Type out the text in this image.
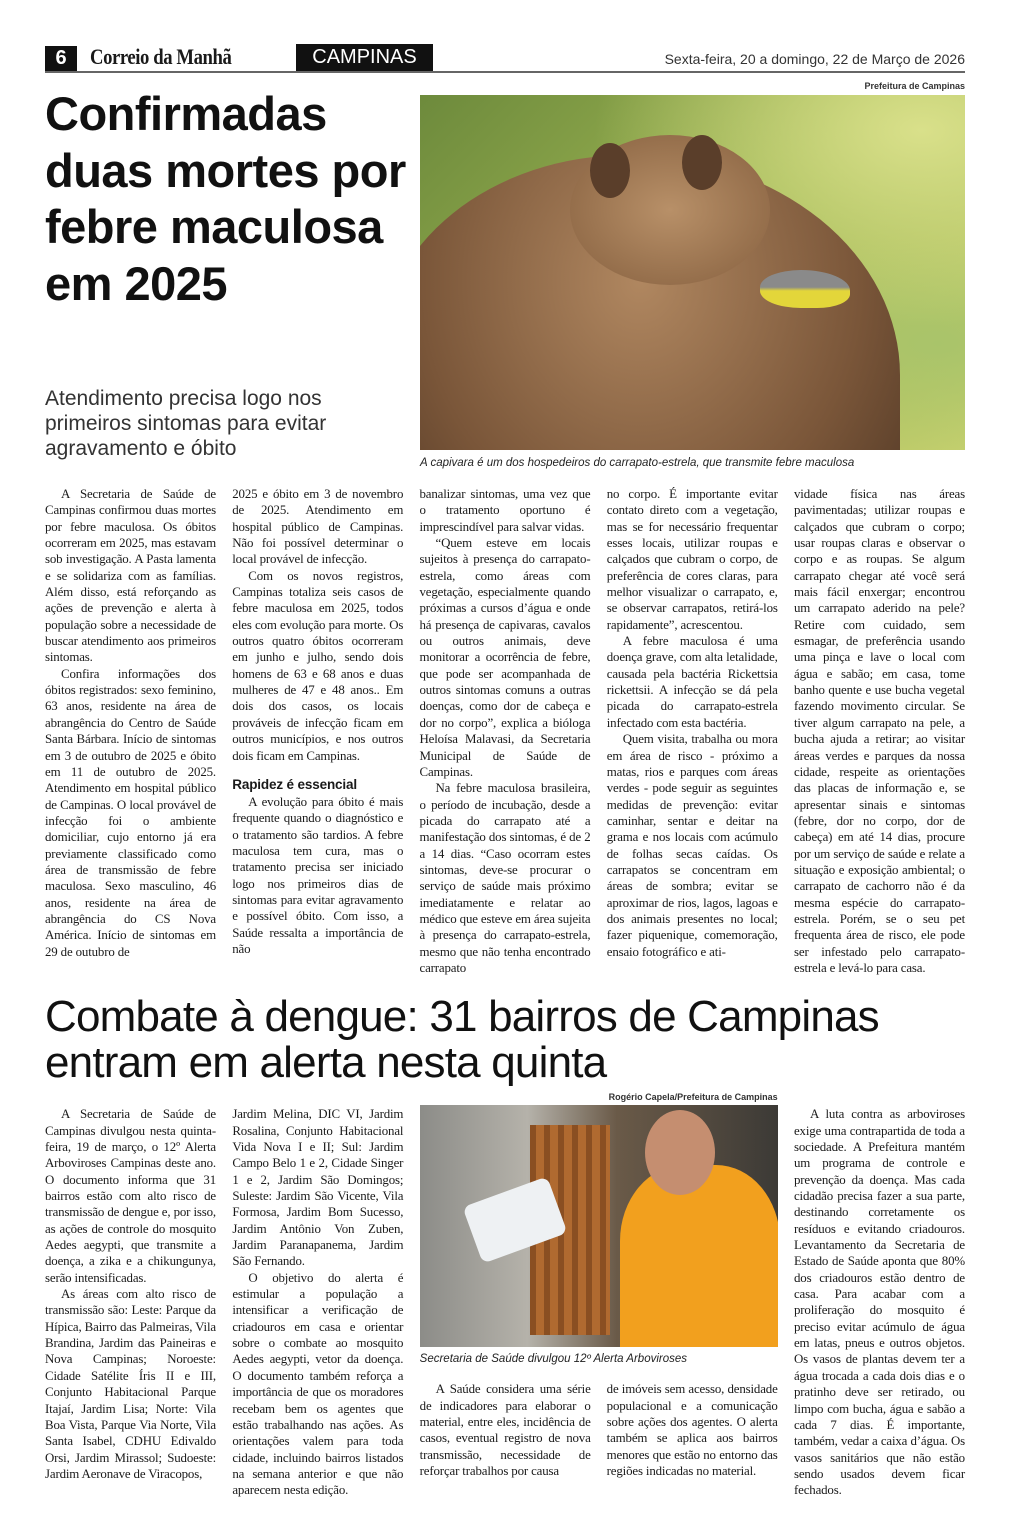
6	Correio da Manhã	CAMPINAS	Sexta-feira, 20 a domingo, 22 de Março de 2026
Confirmadas duas mortes por febre maculosa em 2025
Atendimento precisa logo nos primeiros sintomas para evitar agravamento e óbito
Prefeitura de Campinas
A capivara é um dos hospedeiros do carrapato-estrela, que transmite febre maculosa

A Secretaria de Saúde de Campinas confirmou duas mortes por febre maculosa. Os óbitos ocorreram em 2025, mas estavam sob investigação. A Pasta lamenta e se solidariza com as famílias. Além disso, está reforçando as ações de prevenção e alerta à população sobre a necessidade de buscar atendimento aos primeiros sintomas.

Confira informações dos óbitos registrados: sexo feminino, 63 anos, residente na área de abrangência do Centro de Saúde Santa Bárbara. Início de sintomas em 3 de outubro de 2025 e óbito em 11 de outubro de 2025. Atendimento em hospital público de Campinas. O local provável de infecção foi o ambiente domiciliar, cujo entorno já era previamente classificado como área de transmissão de febre maculosa. Sexo masculino, 46 anos, residente na área de abrangência do CS Nova América. Início de sintomas em 29 de outubro de

2025 e óbito em 3 de novembro de 2025. Atendimento em hospital público de Campinas. Não foi possível determinar o local provável de infecção.

Com os novos registros, Campinas totaliza seis casos de febre maculosa em 2025, todos eles com evolução para morte. Os outros quatro óbitos ocorreram em junho e julho, sendo dois homens de 63 e 68 anos e duas mulheres de 47 e 48 anos.. Em dois dos casos, os locais prováveis de infecção ficam em outros municípios, e nos outros dois ficam em Campinas.

Rapidez é essencial

A evolução para óbito é mais frequente quando o diagnóstico e o tratamento são tardios. A febre maculosa tem cura, mas o tratamento precisa ser iniciado logo nos primeiros dias de sintomas para evitar agravamento e possível óbito. Com isso, a Saúde ressalta a importância de não

banalizar sintomas, uma vez que o tratamento oportuno é imprescindível para salvar vidas.

“Quem esteve em locais sujeitos à presença do carrapato-estrela, como áreas com vegetação, especialmente quando próximas a cursos d’água e onde há presença de capivaras, cavalos ou outros animais, deve monitorar a ocorrência de febre, que pode ser acompanhada de outros sintomas comuns a outras doenças, como dor de cabeça e dor no corpo”, explica a bióloga Heloísa Malavasi, da Secretaria Municipal de Saúde de Campinas.

Na febre maculosa brasileira, o período de incubação, desde a picada do carrapato até a manifestação dos sintomas, é de 2 a 14 dias. “Caso ocorram estes sintomas, deve-se procurar o serviço de saúde mais próximo imediatamente e relatar ao médico que esteve em área sujeita à presença do carrapato-estrela, mesmo que não tenha encontrado carrapato

no corpo. É importante evitar contato direto com a vegetação, mas se for necessário frequentar esses locais, utilizar roupas e calçados que cubram o corpo, de preferência de cores claras, para melhor visualizar o carrapato, e, se observar carrapatos, retirá-los rapidamente”, acrescentou.

A febre maculosa é uma doença grave, com alta letalidade, causada pela bactéria Rickettsia rickettsii. A infecção se dá pela picada do carrapato-estrela infectado com esta bactéria.

Quem visita, trabalha ou mora em área de risco - próximo a matas, rios e parques com áreas verdes - pode seguir as seguintes medidas de prevenção: evitar caminhar, sentar e deitar na grama e nos locais com acúmulo de folhas secas caídas. Os carrapatos se concentram em áreas de sombra; evitar se aproximar de rios, lagos, lagoas e dos animais presentes no local; fazer piquenique, comemoração, ensaio fotográfico e ati-

vidade física nas áreas pavimentadas; utilizar roupas e calçados que cubram o corpo; usar roupas claras e observar o corpo e as roupas. Se algum carrapato chegar até você será mais fácil enxergar; encontrou um carrapato aderido na pele? Retire com cuidado, sem esmagar, de preferência usando uma pinça e lave o local com água e sabão; em casa, tome banho quente e use bucha vegetal fazendo movimento circular. Se tiver algum carrapato na pele, a bucha ajuda a retirar; ao visitar áreas verdes e parques da nossa cidade, respeite as orientações das placas de informação e, se apresentar sinais e sintomas (febre, dor no corpo, dor de cabeça) em até 14 dias, procure por um serviço de saúde e relate a situação e exposição ambiental; o carrapato de cachorro não é da mesma espécie do carrapato-estrela. Porém, se o seu pet frequenta área de risco, ele pode ser infestado pelo carrapato-estrela e levá-lo para casa.

Combate à dengue: 31 bairros de Campinas entram em alerta nesta quinta

A Secretaria de Saúde de Campinas divulgou nesta quinta-feira, 19 de março, o 12º Alerta Arboviroses Campinas deste ano. O documento informa que 31 bairros estão com alto risco de transmissão de dengue e, por isso, as ações de controle do mosquito Aedes aegypti, que transmite a doença, a zika e a chikungunya, serão intensificadas.

As áreas com alto risco de transmissão são: Leste: Parque da Hípica, Bairro das Palmeiras, Vila Brandina, Jardim das Paineiras e Nova Campinas; Noroeste: Cidade Satélite Íris II e III, Conjunto Habitacional Parque Itajaí, Jardim Lisa; Norte: Vila Boa Vista, Parque Via Norte, Vila Santa Isabel, CDHU Edivaldo Orsi, Jardim Mirassol; Sudoeste: Jardim Aeronave de Viracopos,

Jardim Melina, DIC VI, Jardim Rosalina, Conjunto Habitacional Vida Nova I e II; Sul: Jardim Campo Belo 1 e 2, Cidade Singer 1 e 2, Jardim São Domingos; Suleste: Jardim São Vicente, Vila Formosa, Jardim Bom Sucesso, Jardim Antônio Von Zuben, Jardim Paranapanema, Jardim São Fernando.

O objetivo do alerta é estimular a população a intensificar a verificação de criadouros em casa e orientar sobre o combate ao mosquito Aedes aegypti, vetor da doença. O documento também reforça a importância de que os moradores recebam bem os agentes que estão trabalhando nas ações. As orientações valem para toda cidade, incluindo bairros listados na semana anterior e que não aparecem nesta edição.

Rogério Capela/Prefeitura de Campinas
Secretaria de Saúde divulgou 12º Alerta Arboviroses

A Saúde considera uma série de indicadores para elaborar o material, entre eles, incidência de casos, eventual registro de nova transmissão, necessidade de reforçar trabalhos por causa

de imóveis sem acesso, densidade populacional e a comunicação sobre ações dos agentes. O alerta também se aplica aos bairros menores que estão no entorno das regiões indicadas no material.

A luta contra as arboviroses exige uma contrapartida de toda a sociedade. A Prefeitura mantém um programa de controle e prevenção da doença. Mas cada cidadão precisa fazer a sua parte, destinando corretamente os resíduos e evitando criadouros. Levantamento da Secretaria de Estado de Saúde aponta que 80% dos criadouros estão dentro de casa. Para acabar com a proliferação do mosquito é preciso evitar acúmulo de água em latas, pneus e outros objetos. Os vasos de plantas devem ter a água trocada a cada dois dias e o pratinho deve ser retirado, ou limpo com bucha, água e sabão a cada 7 dias. É importante, também, vedar a caixa d’água. Os vasos sanitários que não estão sendo usados devem ficar fechados.
